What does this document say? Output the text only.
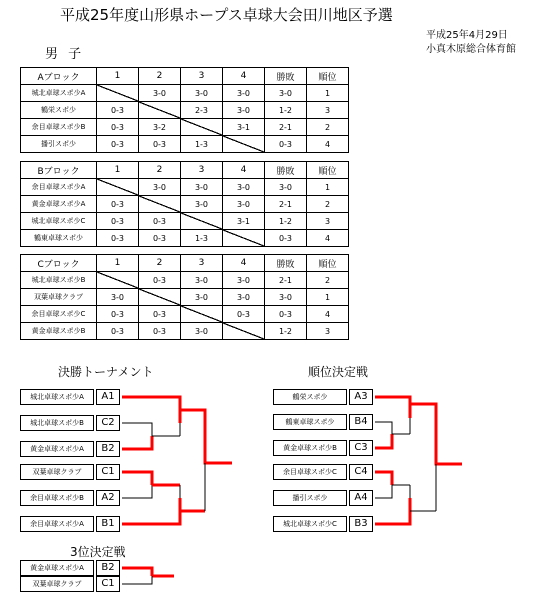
平成25年度山形県ホープス卓球大会田川地区予選
平成25年4月29日
小真木原総合体育館
男 子
Aブロック	1	2	3	4	勝敗	順位
城北卓球スポ少A		3-0	3-0	3-0	3-0	1
鶴栄スポ少	0-3		2-3	3-0	1-2	3
余目卓球スポ少B	0-3	3-2		3-1	2-1	2
播引スポ少	0-3	0-3	1-3		0-3	4
Bブロック	1	2	3	4	勝敗	順位
余目卓球スポ少A		3-0	3-0	3-0	3-0	1
黄金卓球スポ少A	0-3		3-0	3-0	2-1	2
城北卓球スポ少C	0-3	0-3		3-1	1-2	3
鶴東卓球スポ少	0-3	0-3	1-3		0-3	4
Cブロック	1	2	3	4	勝敗	順位
城北卓球スポ少B		0-3	3-0	3-0	2-1	2
双葉卓球クラブ	3-0		3-0	3-0	3-0	1
余目卓球スポ少C	0-3	0-3		0-3	0-3	4
黄金卓球スポ少B	0-3	0-3	3-0		1-2	3
決勝トーナメント	順位決定戦
3位決定戦
城北卓球スポ少A	A1
城北卓球スポ少B	C2
黄金卓球スポ少A	B2
双葉卓球クラブ	C1
余目卓球スポ少B	A2
余目卓球スポ少A	B1
鶴栄スポ少	A3
鶴東卓球スポ少	B4
黄金卓球スポ少B	C3
余目卓球スポ少C	C4
播引スポ少	A4
城北卓球スポ少C	B3
黄金卓球スポ少A	B2
双葉卓球クラブ	C1
